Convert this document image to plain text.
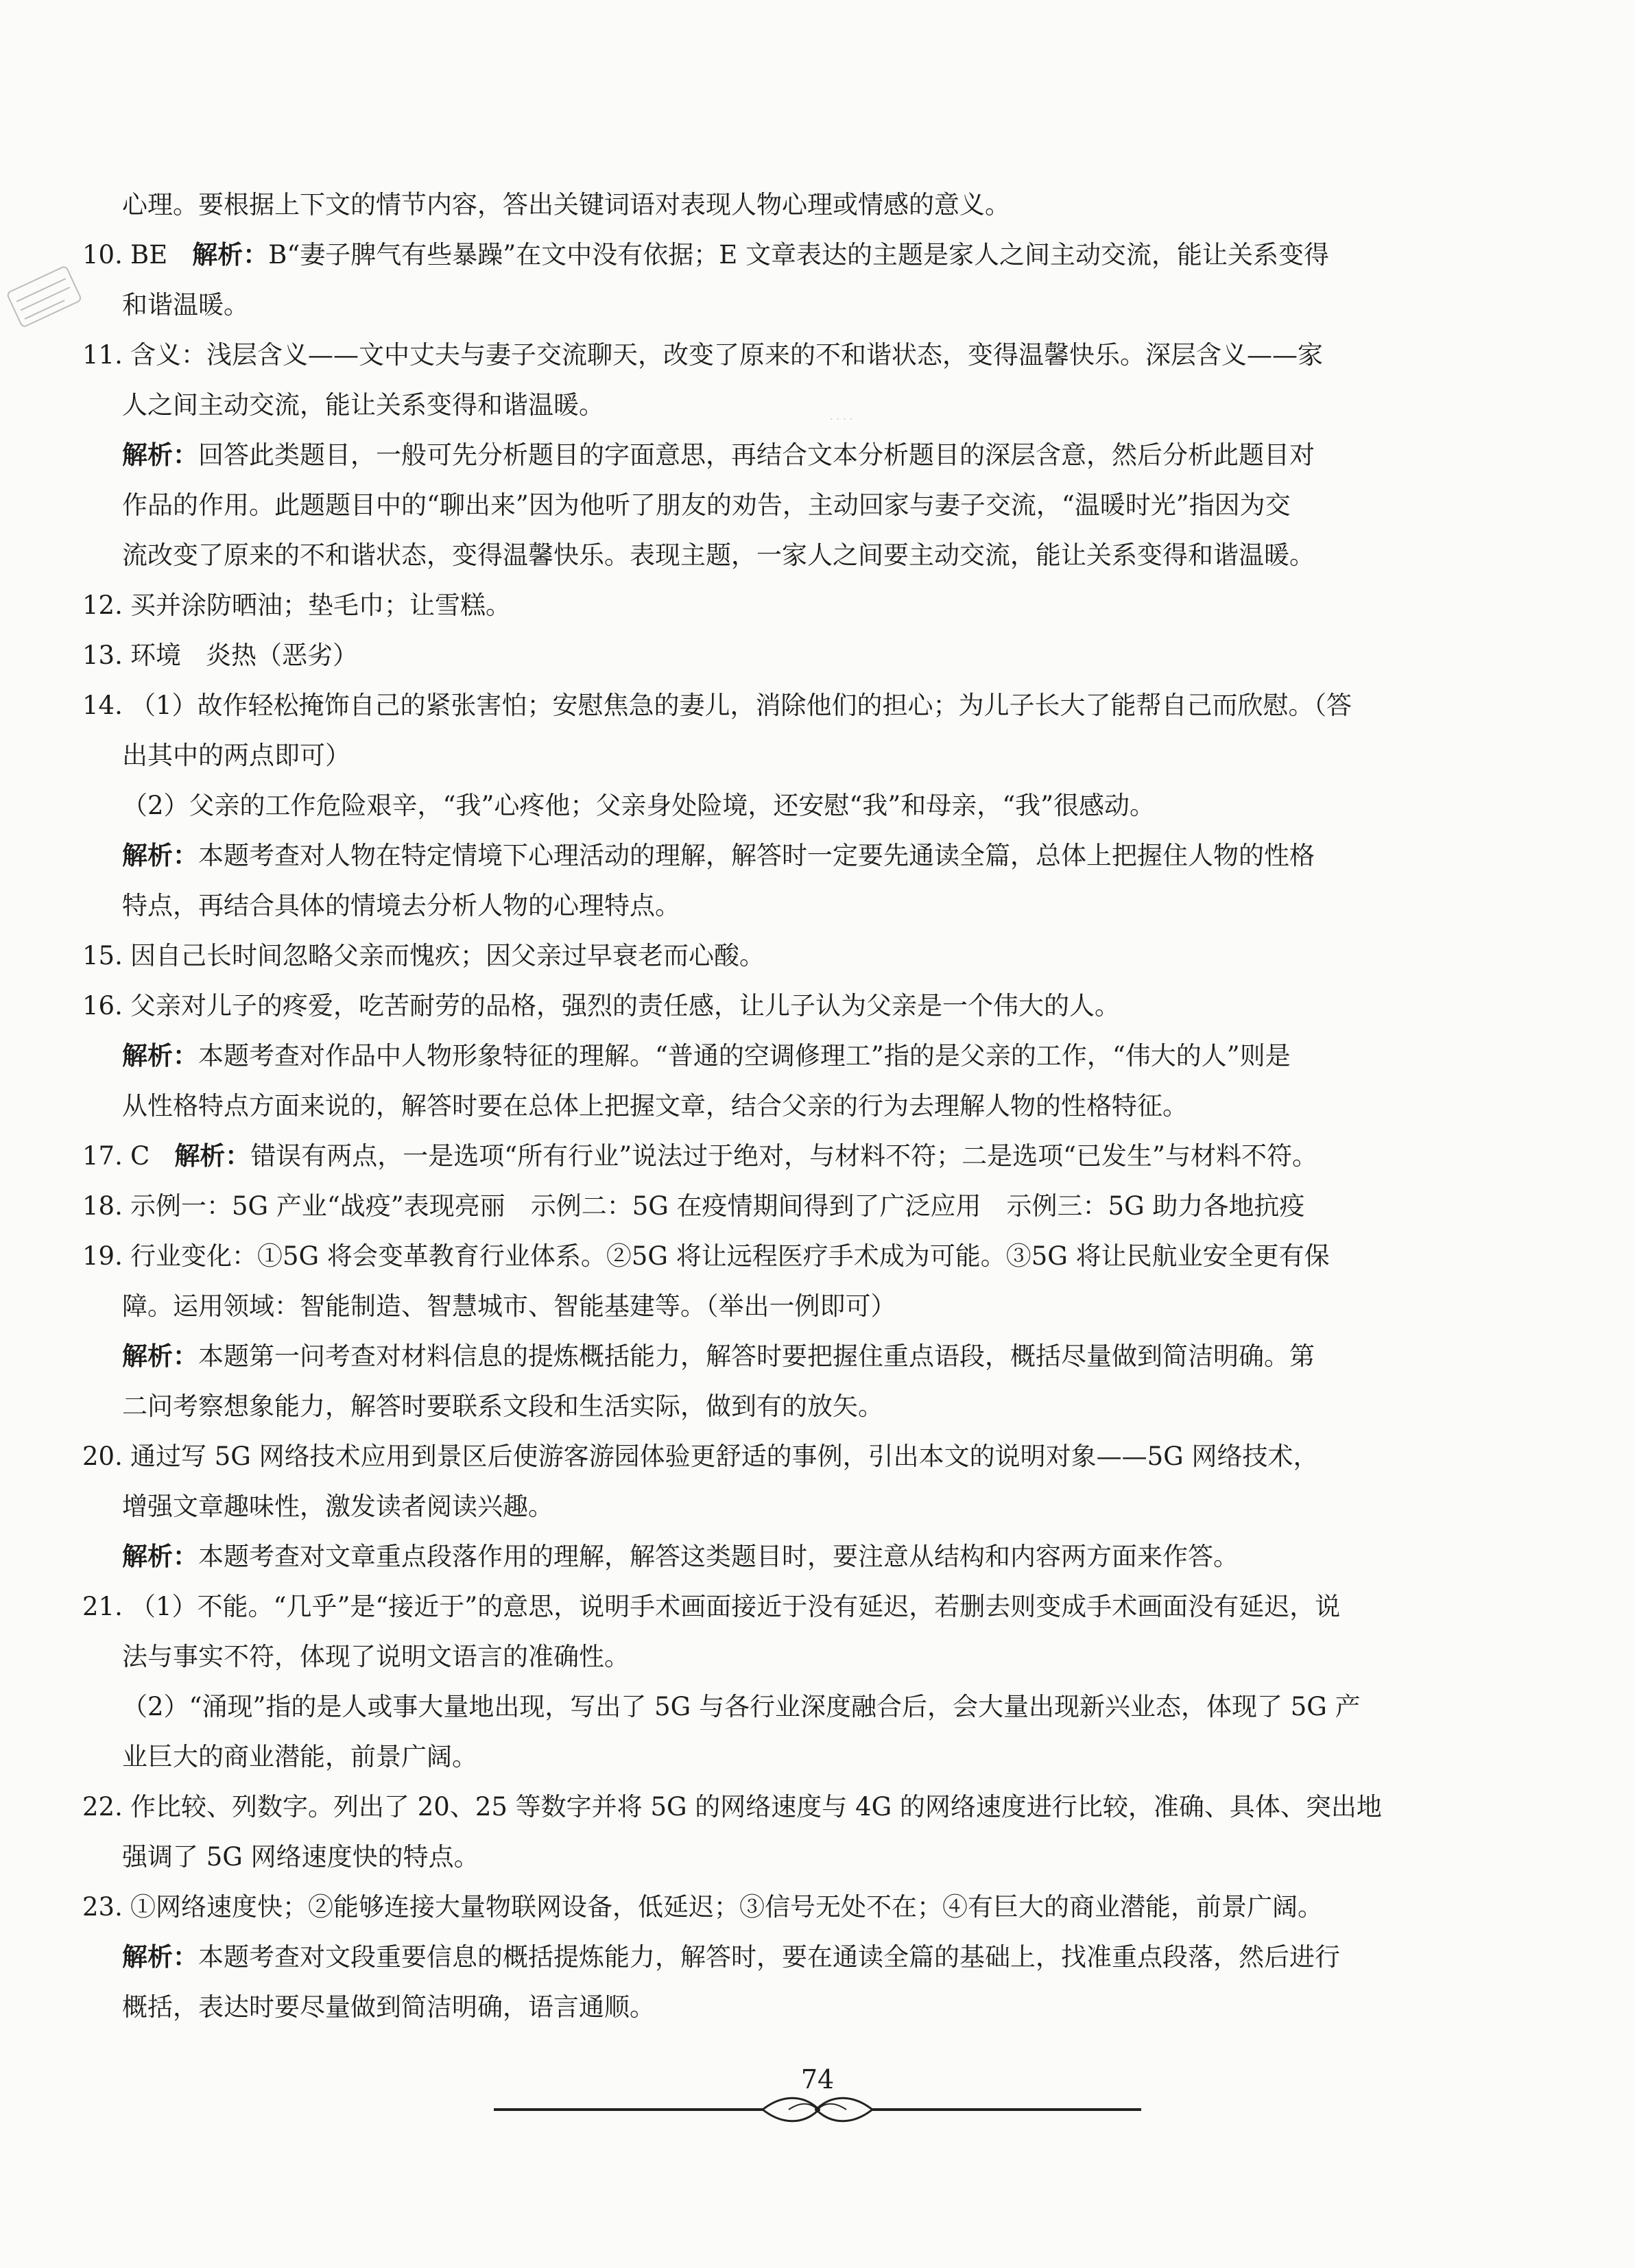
· · · ·
心理。要根据上下文的情节内容，答出关键词语对表现人物心理或情感的意义。
10. BE 解析：B“妻子脾气有些暴躁”在文中没有依据；E 文章表达的主题是家人之间主动交流，能让关系变得
和谐温暖。
11. 含义：浅层含义——文中丈夫与妻子交流聊天，改变了原来的不和谐状态，变得温馨快乐。深层含义——家
人之间主动交流，能让关系变得和谐温暖。
解析：回答此类题目，一般可先分析题目的字面意思，再结合文本分析题目的深层含意，然后分析此题目对
作品的作用。此题题目中的“聊出来”因为他听了朋友的劝告，主动回家与妻子交流，“温暖时光”指因为交
流改变了原来的不和谐状态，变得温馨快乐。表现主题，一家人之间要主动交流，能让关系变得和谐温暖。
12. 买并涂防晒油；垫毛巾；让雪糕。
13. 环境 炎热（恶劣）
14. （1）故作轻松掩饰自己的紧张害怕；安慰焦急的妻儿，消除他们的担心；为儿子长大了能帮自己而欣慰。（答
出其中的两点即可）
（2）父亲的工作危险艰辛，“我”心疼他；父亲身处险境，还安慰“我”和母亲，“我”很感动。
解析：本题考查对人物在特定情境下心理活动的理解，解答时一定要先通读全篇，总体上把握住人物的性格
特点，再结合具体的情境去分析人物的心理特点。
15. 因自己长时间忽略父亲而愧疚；因父亲过早衰老而心酸。
16. 父亲对儿子的疼爱，吃苦耐劳的品格，强烈的责任感，让儿子认为父亲是一个伟大的人。
解析：本题考查对作品中人物形象特征的理解。“普通的空调修理工”指的是父亲的工作，“伟大的人”则是
从性格特点方面来说的，解答时要在总体上把握文章，结合父亲的行为去理解人物的性格特征。
17. C 解析：错误有两点，一是选项“所有行业”说法过于绝对，与材料不符；二是选项“已发生”与材料不符。
18. 示例一：5G 产业“战疫”表现亮丽　示例二：5G 在疫情期间得到了广泛应用　示例三：5G 助力各地抗疫
19. 行业变化：①5G 将会变革教育行业体系。②5G 将让远程医疗手术成为可能。③5G 将让民航业安全更有保
障。运用领域：智能制造、智慧城市、智能基建等。（举出一例即可）
解析：本题第一问考查对材料信息的提炼概括能力，解答时要把握住重点语段，概括尽量做到简洁明确。第
二问考察想象能力，解答时要联系文段和生活实际，做到有的放矢。
20. 通过写 5G 网络技术应用到景区后使游客游园体验更舒适的事例，引出本文的说明对象——5G 网络技术，
增强文章趣味性，激发读者阅读兴趣。
解析：本题考查对文章重点段落作用的理解，解答这类题目时，要注意从结构和内容两方面来作答。
21. （1）不能。“几乎”是“接近于”的意思，说明手术画面接近于没有延迟，若删去则变成手术画面没有延迟，说
法与事实不符，体现了说明文语言的准确性。
（2）“涌现”指的是人或事大量地出现，写出了 5G 与各行业深度融合后，会大量出现新兴业态，体现了 5G 产
业巨大的商业潜能，前景广阔。
22. 作比较、列数字。列出了 20、25 等数字并将 5G 的网络速度与 4G 的网络速度进行比较，准确、具体、突出地
强调了 5G 网络速度快的特点。
23. ①网络速度快；②能够连接大量物联网设备，低延迟；③信号无处不在；④有巨大的商业潜能，前景广阔。
解析：本题考查对文段重要信息的概括提炼能力，解答时，要在通读全篇的基础上，找准重点段落，然后进行
概括，表达时要尽量做到简洁明确，语言通顺。
74
